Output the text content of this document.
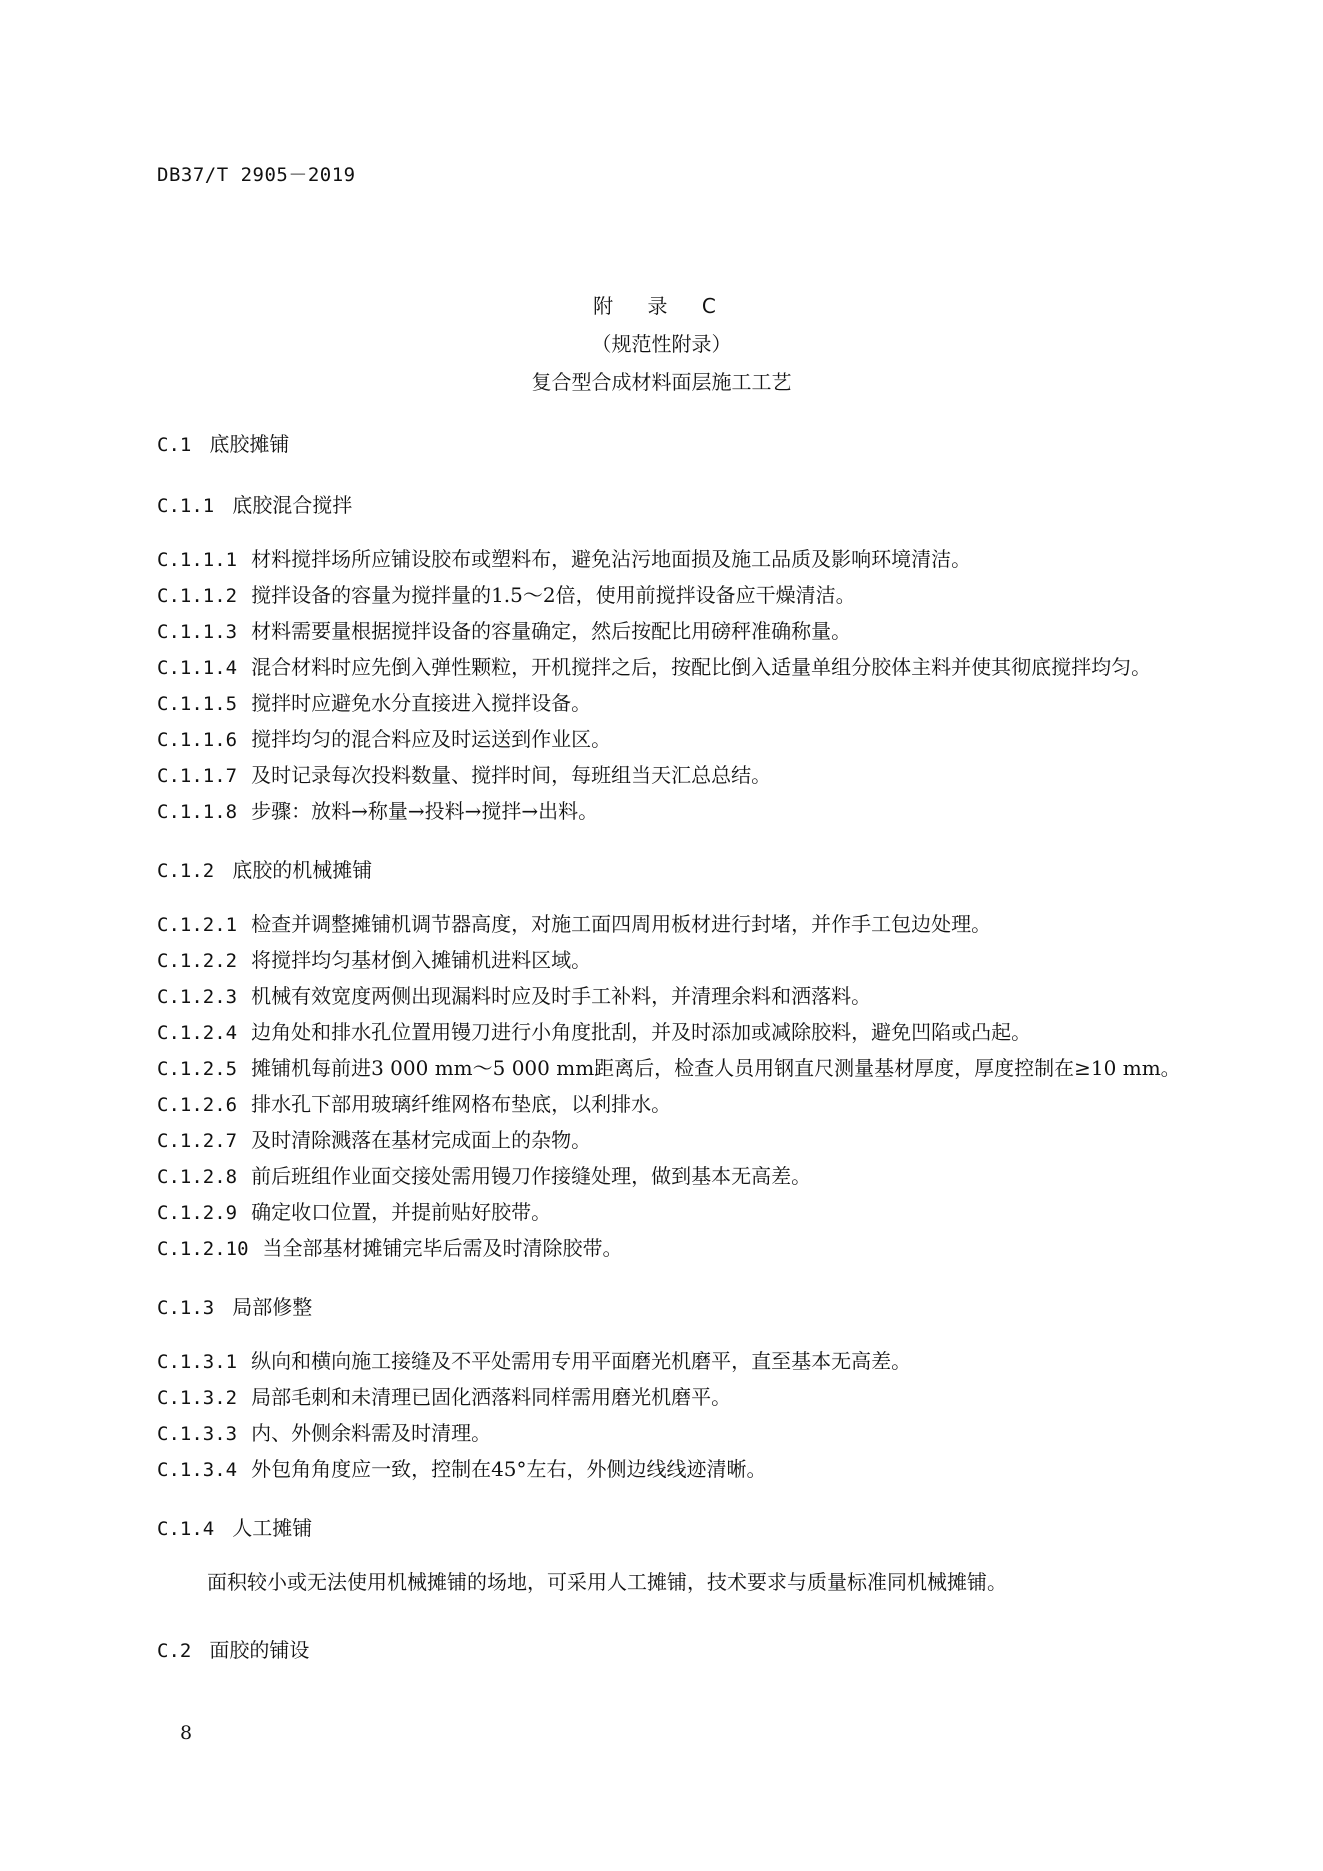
DB37/T 2905－2019
附 录 C
（规范性附录）
复合型合成材料面层施工工艺
C.1 底胶摊铺
C.1.1 底胶混合搅拌
C.1.1.1 材料搅拌场所应铺设胶布或塑料布，避免沾污地面损及施工品质及影响环境清洁。
C.1.1.2 搅拌设备的容量为搅拌量的1.5～2倍，使用前搅拌设备应干燥清洁。
C.1.1.3 材料需要量根据搅拌设备的容量确定，然后按配比用磅秤准确称量。
C.1.1.4 混合材料时应先倒入弹性颗粒，开机搅拌之后，按配比倒入适量单组分胶体主料并使其彻底搅拌均匀。
C.1.1.5 搅拌时应避免水分直接进入搅拌设备。
C.1.1.6 搅拌均匀的混合料应及时运送到作业区。
C.1.1.7 及时记录每次投料数量、搅拌时间，每班组当天汇总总结。
C.1.1.8 步骤：放料→称量→投料→搅拌→出料。
C.1.2 底胶的机械摊铺
C.1.2.1 检查并调整摊铺机调节器高度，对施工面四周用板材进行封堵，并作手工包边处理。
C.1.2.2 将搅拌均匀基材倒入摊铺机进料区域。
C.1.2.3 机械有效宽度两侧出现漏料时应及时手工补料，并清理余料和洒落料。
C.1.2.4 边角处和排水孔位置用镘刀进行小角度批刮，并及时添加或减除胶料，避免凹陷或凸起。
C.1.2.5 摊铺机每前进3 000 mm～5 000 mm距离后，检查人员用钢直尺测量基材厚度，厚度控制在≥10 mm。
C.1.2.6 排水孔下部用玻璃纤维网格布垫底，以利排水。
C.1.2.7 及时清除溅落在基材完成面上的杂物。
C.1.2.8 前后班组作业面交接处需用镘刀作接缝处理，做到基本无高差。
C.1.2.9 确定收口位置，并提前贴好胶带。
C.1.2.10 当全部基材摊铺完毕后需及时清除胶带。
C.1.3 局部修整
C.1.3.1 纵向和横向施工接缝及不平处需用专用平面磨光机磨平，直至基本无高差。
C.1.3.2 局部毛刺和未清理已固化洒落料同样需用磨光机磨平。
C.1.3.3 内、外侧余料需及时清理。
C.1.3.4 外包角角度应一致，控制在45°左右，外侧边线线迹清晰。
C.1.4 人工摊铺
面积较小或无法使用机械摊铺的场地，可采用人工摊铺，技术要求与质量标准同机械摊铺。
C.2 面胶的铺设
8
